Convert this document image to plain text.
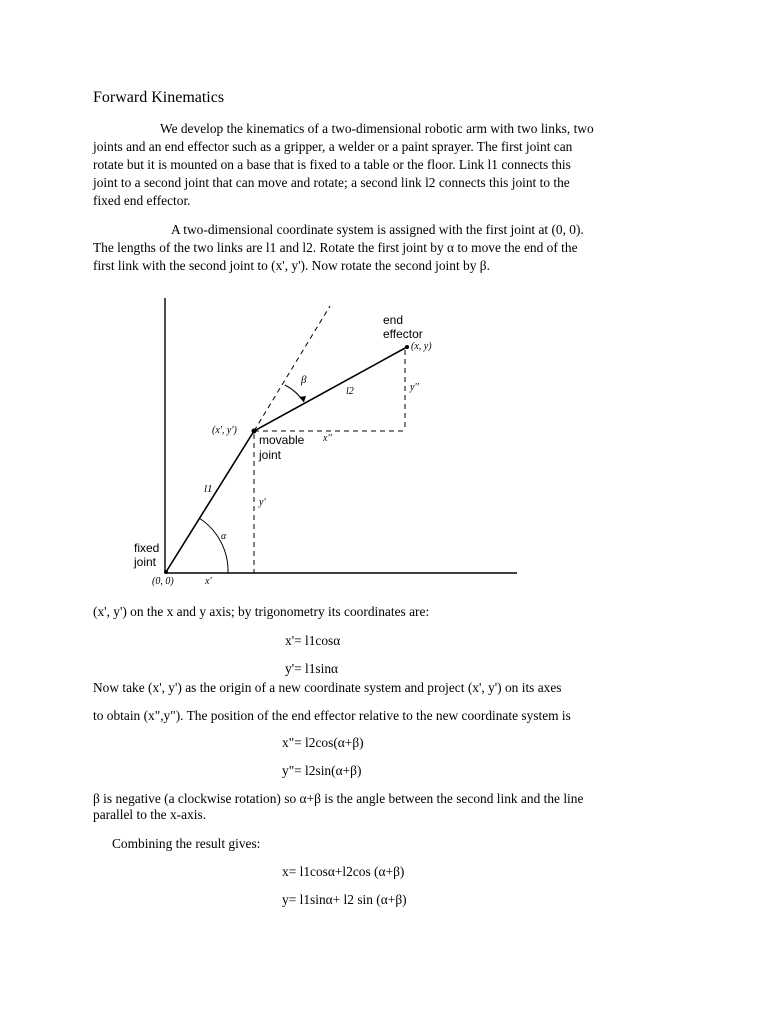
Forward Kinematics
We develop the kinematics of a two-dimensional robotic arm with two links, two
joints and an end effector such as a gripper, a welder or a paint sprayer. The first joint can
rotate but it is mounted on a base that is fixed to a table or the floor. Link l1 connects this
joint to a second joint that can move and rotate; a second link l2 connects this joint to the
fixed end effector.
A two-dimensional coordinate system is assigned with the first joint at (0, 0).
The lengths of the two links are l1 and l2. Rotate the first joint by α to move the end of the
first link with the second joint to (x', y'). Now rotate the second joint by β.
end
effector
(x, y)
β
l2	y''
(x', y')
movable
joint
x''
l1
y'
α
fixed
joint
(0, 0)	x'
(x', y') on the x and y axis; by trigonometry its coordinates are:
x'= l1cosα
y'= l1sinα
Now take (x', y') as the origin of a new coordinate system and project (x', y') on its axes
to obtain (x",y"). The position of the end effector relative to the new coordinate system is
x"= l2cos(α+β)
y"= l2sin(α+β)
β is negative (a clockwise rotation) so α+β is the angle between the second link and the line
parallel to the x-axis.
Combining the result gives:
x= l1cosα+l2cos (α+β)
y= l1sinα+ l2 sin (α+β)
